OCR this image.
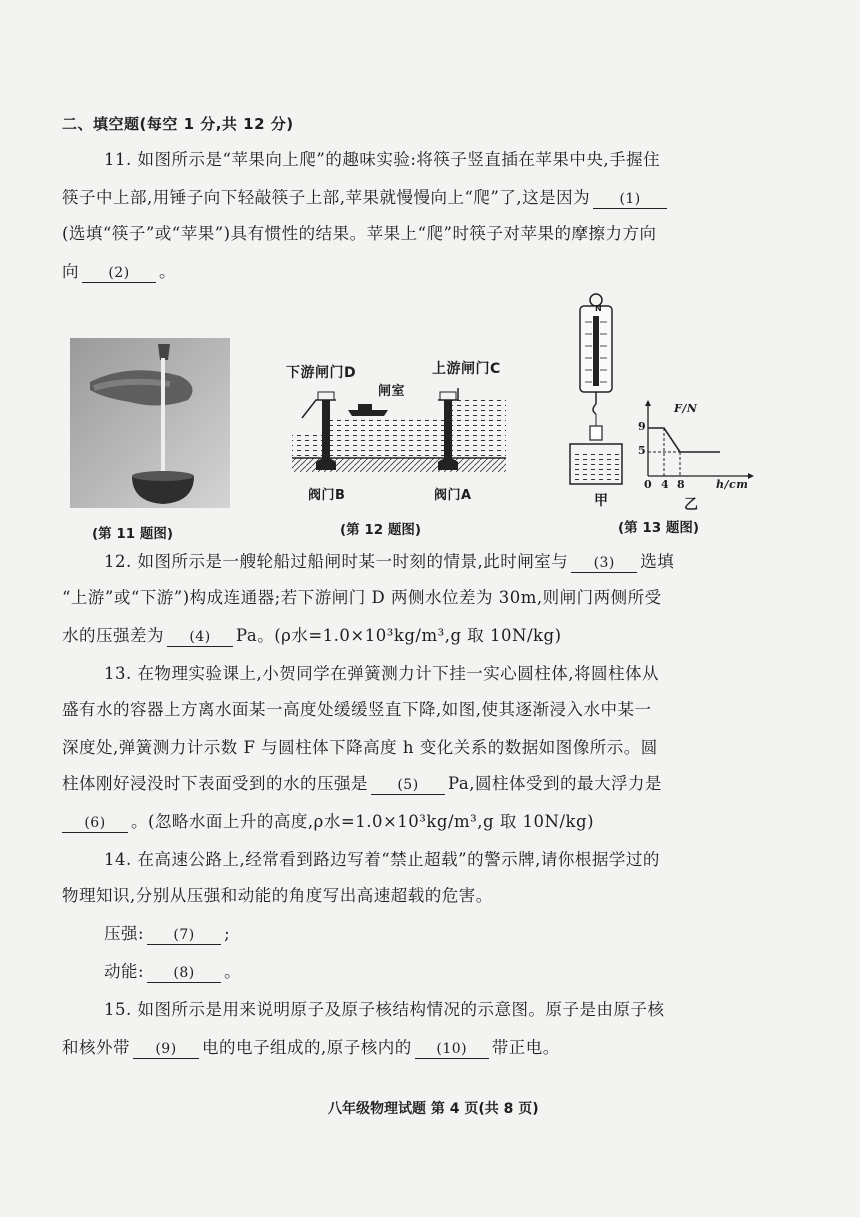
二、填空题(每空 1 分,共 12 分)
11. 如图所示是“苹果向上爬”的趣味实验:将筷子竖直插在苹果中央,手握住
筷子中上部,用锤子向下轻敲筷子上部,苹果就慢慢向上“爬”了,这是因为 (1)
(选填“筷子”或“苹果”)具有惯性的结果。苹果上“爬”时筷子对苹果的摩擦力方向
向 (2) 。
(第 11 题图)
下游闸门D	上游闸门C
闸室
阀门B	阀门A
(第 12 题图)
N
F/N
h/cm
9
5
0 4 8
甲	乙
(第 13 题图)
12. 如图所示是一艘轮船过船闸时某一时刻的情景,此时闸室与 (3) 选填
“上游”或“下游”)构成连通器;若下游闸门 D 两侧水位差为 30m,则闸门两侧所受
水的压强差为 (4) Pa。(ρ水=1.0×10³kg/m³,g 取 10N/kg)
13. 在物理实验课上,小贺同学在弹簧测力计下挂一实心圆柱体,将圆柱体从
盛有水的容器上方离水面某一高度处缓缓竖直下降,如图,使其逐渐浸入水中某一
深度处,弹簧测力计示数 F 与圆柱体下降高度 h 变化关系的数据如图像所示。圆
柱体刚好浸没时下表面受到的水的压强是 (5) Pa,圆柱体受到的最大浮力是
(6) 。(忽略水面上升的高度,ρ水=1.0×10³kg/m³,g 取 10N/kg)
14. 在高速公路上,经常看到路边写着“禁止超载”的警示牌,请你根据学过的
物理知识,分别从压强和动能的角度写出高速超载的危害。
压强: (7) ;
动能: (8) 。
15. 如图所示是用来说明原子及原子核结构情况的示意图。原子是由原子核
和核外带 (9) 电的电子组成的,原子核内的 (10) 带正电。
八年级物理试题 第 4 页(共 8 页)
